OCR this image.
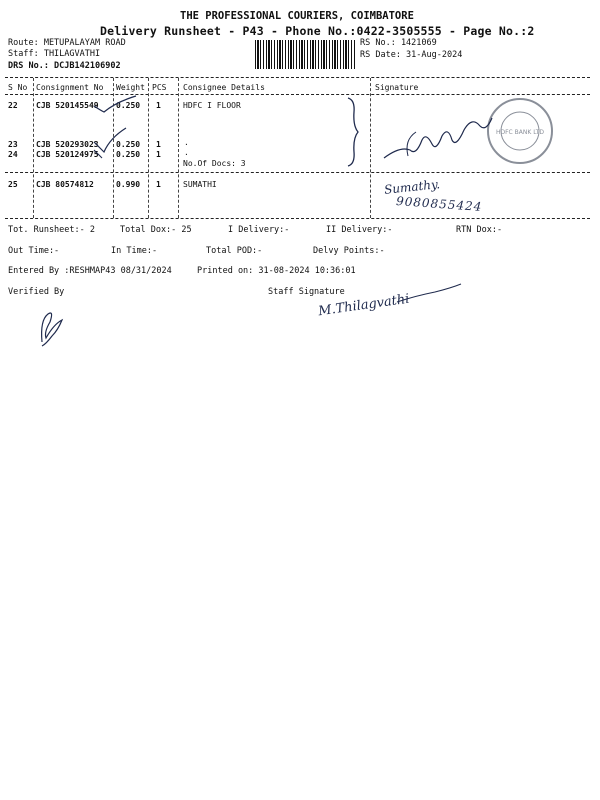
THE PROFESSIONAL COURIERS, COIMBATORE
Delivery Runsheet - P43 - Phone No.:0422-3505555 - Page No.:2
Route: METUPALAYAM ROAD
Staff: THILAGVATHI
DRS No.: DCJB142106902
RS No.: 1421069
RS Date: 31-Aug-2024
S No Consignment No Weight PCS Consignee Details	Signature
22 CJB 520145549 0.250 1	HDFC I FLOOR
23 CJB 520293023 0.250 1	.
24 CJB 520124975 0.250 1	.
No.Of Docs: 3
25 CJB 80574812	0.990 1	SUMATHI
Tot. Runsheet:- 2	Total Dox:- 25	I Delivery:-	II Delivery:-	RTN Dox:-
Out Time:-	In Time:-	Total POD:-	Delvy Points:-
Entered By :RESHMAP43 08/31/2024	Printed on: 31-08-2024 10:36:01
Verified By	Staff Signature
HDFC BANK LTD
Sumathy.
9080855424
M.Thilagvathi
